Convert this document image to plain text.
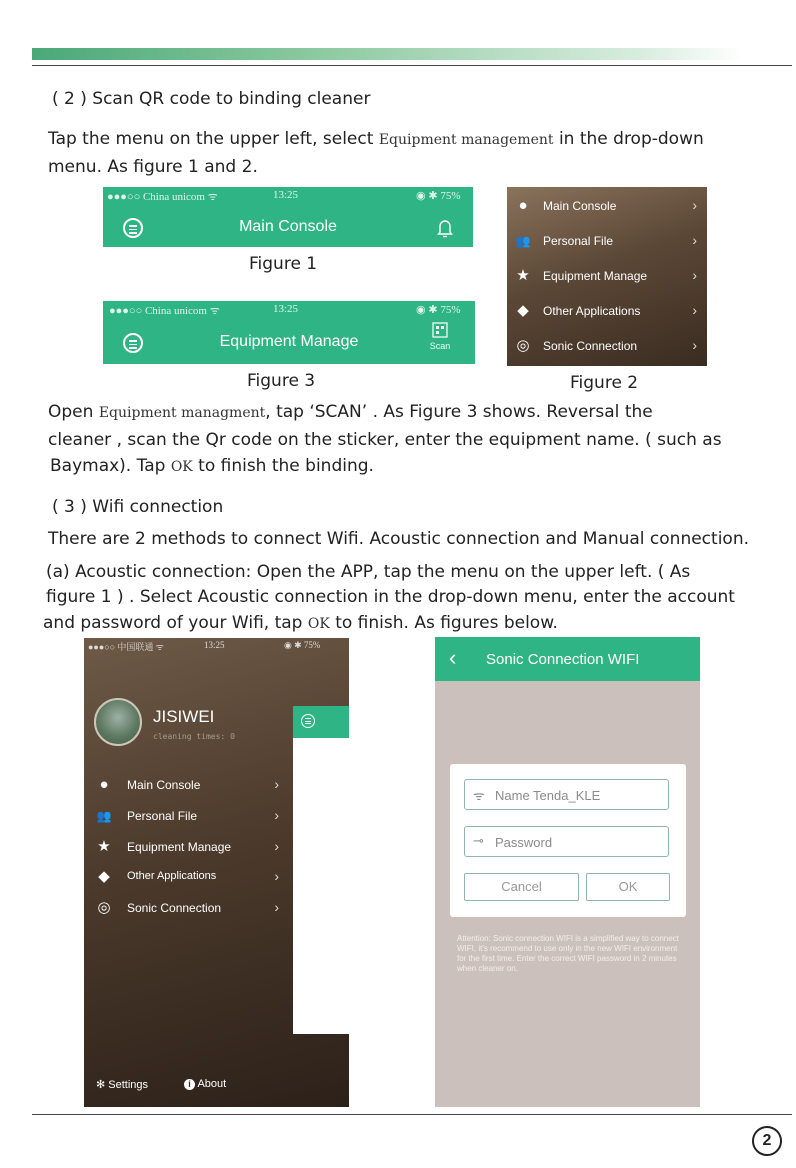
( 2 ) Scan QR code to binding cleaner
Tap the menu on the upper left, select Equipment management in the drop-down
menu. As figure 1 and 2.
●●●○○ China unicom ᯤ	13:25	◉ ✱ 75%
Main Console
Figure 1
●●●○○ China unicom ᯤ	13:25	◉ ✱ 75%
Equipment Manage	Scan
Figure 3
● Main Console	›
👥 Personal File	›
★ Equipment Manage	›
◆ Other Applications	›
◎ Sonic Connection	›
Figure 2
Open Equipment managment, tap ‘SCAN’ . As Figure 3 shows. Reversal the
cleaner , scan the Qr code on the sticker, enter the equipment name. ( such as
Baymax). Tap OK to finish the binding.
( 3 ) Wifi connection
There are 2 methods to connect Wifi. Acoustic connection and Manual connection.
(a) Acoustic connection: Open the APP, tap the menu on the upper left. ( As
figure 1 ) . Select Acoustic connection in the drop-down menu, enter the account
and password of your Wifi, tap OK to finish. As figures below.
●●●○○ 中国联通 ᯤ	13:25	◉ ✱ 75%
JISIWEI
cleaning times: 0
● Main Console	›
👥 Personal File	›
★ Equipment Manage	›
◆ Other Applications	›
◎ Sonic Connection	›
✻ Settings	i About
‹ Sonic Connection WIFI
ᯤ Name Tenda_KLE
⊸ Password
Cancel	OK
Attention: Sonic connection WIFI is a simplified way to connect WIFI, it's recommend to use only in the new WIFI environment for the first time. Enter the correct WIFI password in 2 minutes when cleaner on.
2
